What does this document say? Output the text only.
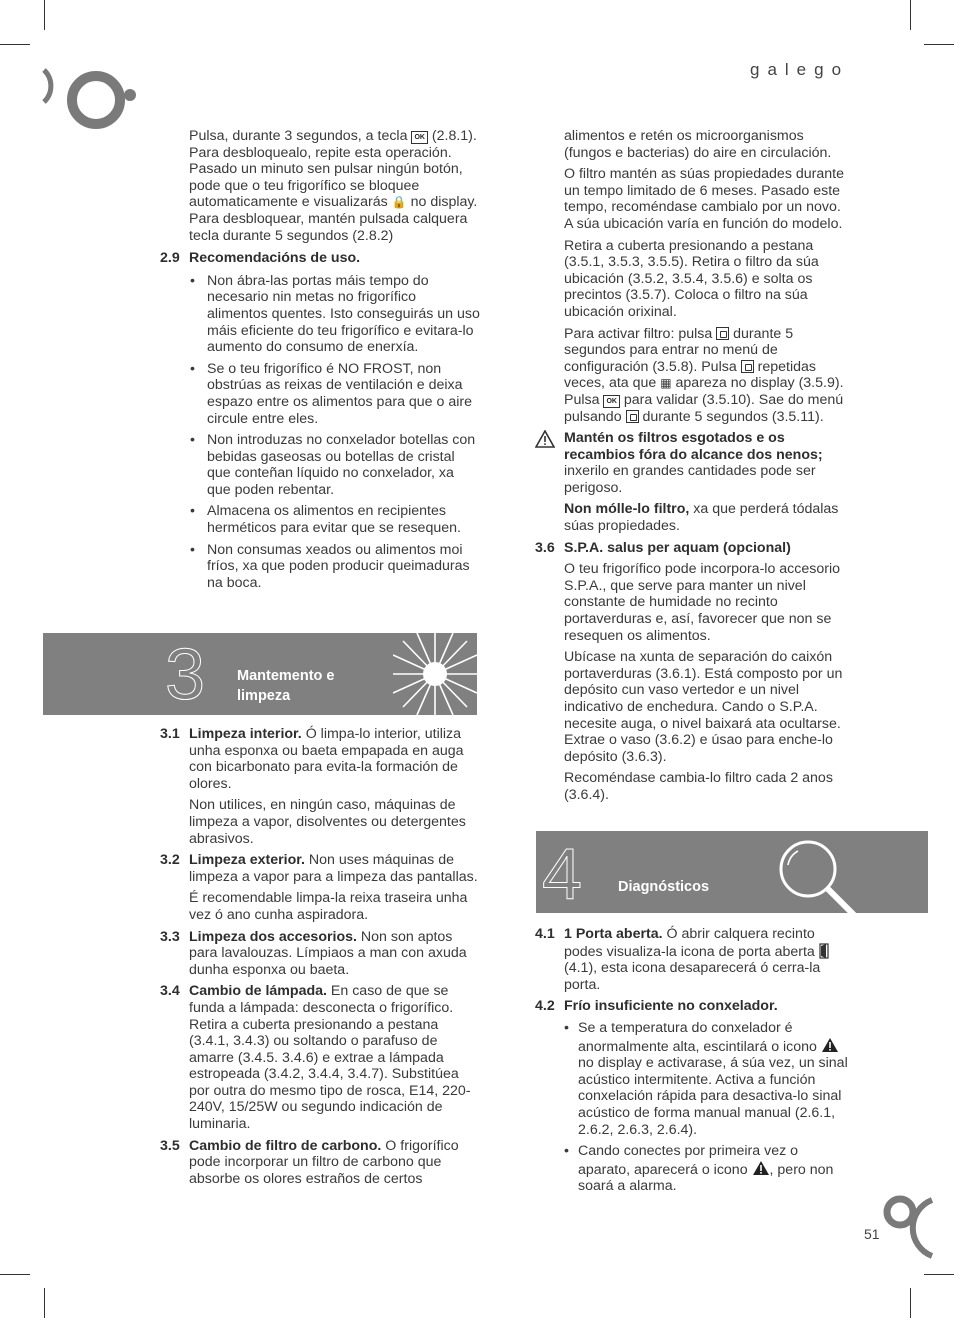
galego

Pulsa, durante 3 segundos, a tecla OK (2.8.1). Para desbloquealo, repite esta operación. Pasado un minuto sen pulsar ningún botón, pode que o teu frigorífico se bloquee automaticamente e visualizarás 🔒 no display. Para desbloquear, mantén pulsada calquera tecla durante 5 segundos (2.8.2)

2.9 Recomendacións de uso.
• Non ábra-las portas máis tempo do necesario nin metas no frigorífico alimentos quentes. Isto conseguirás un uso máis eficiente do teu frigorífico e evitara-lo aumento do consumo de enerxía.
• Se o teu frigorífico é NO FROST, non obstrúas as reixas de ventilación e deixa espazo entre os alimentos para que o aire circule entre eles.
• Non introduzas no conxelador botellas con bebidas gaseosas ou botellas de cristal que conteñan líquido no conxelador, xa que poden rebentar.
• Almacena os alimentos en recipientes herméticos para evitar que se resequen.
• Non consumas xeados ou alimentos moi fríos, xa que poden producir queimaduras na boca.
3 Mantemento e limpeza
3.1 Limpeza interior. Ó limpa-lo interior, utiliza unha esponxa ou baeta empapada en auga con bicarbonato para evita-la formación de olores.

Non utilices, en ningún caso, máquinas de limpeza a vapor, disolventes ou detergentes abrasivos.

3.2 Limpeza exterior. Non uses máquinas de limpeza a vapor para a limpeza das pantallas.

É recomendable limpa-la reixa traseira unha vez ó ano cunha aspiradora.

3.3 Limpeza dos accesorios. Non son aptos para lavalouzas. Límpiaos a man con axuda dunha esponxa ou baeta.
3.4 Cambio de lámpada. En caso de que se funda a lámpada: desconecta o frigorífico. Retira a cuberta presionando a pestana (3.4.1, 3.4.3) ou soltando o parafuso de amarre (3.4.5. 3.4.6) e extrae a lámpada estropeada (3.4.2, 3.4.4, 3.4.7). Substitúea por outra do mesmo tipo de rosca, E14, 220-240V, 15/25W ou segundo indicación de luminaria.
3.5 Cambio de filtro de carbono. O frigorífico pode incorporar un filtro de carbono que absorbe os olores estraños de certos

alimentos e retén os microorganismos (fungos e bacterias) do aire en circulación.

O filtro mantén as súas propiedades durante un tempo limitado de 6 meses. Pasado este tempo, recoméndase cambialo por un novo. A súa ubicación varía en función do modelo.

Retira a cuberta presionando a pestana (3.5.1, 3.5.3, 3.5.5). Retira o filtro da súa ubicación (3.5.2, 3.5.4, 3.5.6) e solta os precintos (3.5.7). Coloca o filtro na súa ubicación orixinal.

Para activar filtro: pulsa durante 5 segundos para entrar no menú de configuración (3.5.8). Pulsa repetidas veces, ata que ▦ apareza no display (3.5.9). Pulsa OK para validar (3.5.10). Sae do menú pulsando durante 5 segundos (3.5.11).

Mantén os filtros esgotados e os recambios fóra do alcance dos nenos; inxerilo en grandes cantidades pode ser perigoso.

Non mólle-lo filtro, xa que perderá tódalas súas propiedades.

3.6 S.P.A. salus per aquam (opcional)

O teu frigorífico pode incorpora-lo accesorio S.P.A., que serve para manter un nivel constante de humidade no recinto portaverduras e, así, favorecer que non se resequen os alimentos.

Ubícase na xunta de separación do caixón portaverduras (3.6.1). Está composto por un depósito cun vaso vertedor e un nivel indicativo de enchedura. Cando o S.P.A. necesite auga, o nivel baixará ata ocultarse. Extrae o vaso (3.6.2) e úsao para enche-lo depósito (3.6.3).

Recoméndase cambia-lo filtro cada 2 anos (3.6.4).

4 Diagnósticos
4.1 1 Porta aberta. Ó abrir calquera recinto podes visualiza-la icona de porta aberta  (4.1), esta icona desaparecerá ó cerra-la porta.
4.2 Frío insuficiente no conxelador.
• Se a temperatura do conxelador é anormalmente alta, escintilará o icono  no display e activarase, á súa vez, un sinal acústico intermitente. Activa a función conxelación rápida para desactiva-lo sinal acústico de forma manual manual (2.6.1, 2.6.2, 2.6.3, 2.6.4).
• Cando conectes por primeira vez o aparato, aparecerá o icono , pero non soará a alarma.
51
